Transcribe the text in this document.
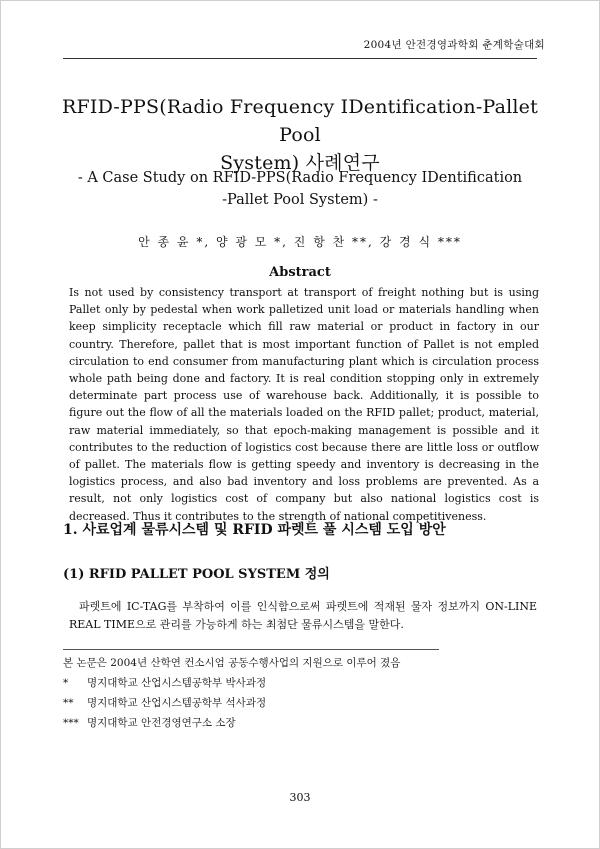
2004년 안전경영과학회 춘계학술대회
RFID-PPS(Radio Frequency IDentification-Pallet Pool
System) 사례연구
- A Case Study on RFID-PPS(Radio Frequency IDentification
-Pallet Pool System) -
안 종 윤 *, 양 광 모 *, 진 항 찬 **, 강 경 식 ***
Abstract
Is not used by consistency transport at transport of freight nothing but is using Pallet only by pedestal when work palletized unit load or materials handling when keep simplicity receptacle which fill raw material or product in factory in our country. Therefore, pallet that is most important function of Pallet is not empled circulation to end consumer from manufacturing plant which is circulation process whole path being done and factory. It is real condition stopping only in extremely determinate part process use of warehouse back. Additionally, it is possible to figure out the flow of all the materials loaded on the RFID pallet; product, material, raw material immediately, so that epoch-making management is possible and it contributes to the reduction of logistics cost because there are little loss or outflow of pallet. The materials flow is getting speedy and inventory is decreasing in the logistics process, and also bad inventory and loss problems are prevented. As a result, not only logistics cost of company but also national logistics cost is decreased. Thus it contributes to the strength of national competitiveness.
1. 사료업계 물류시스템 및 RFID 파렛트 풀 시스템 도입 방안
(1) RFID PALLET POOL SYSTEM 정의
파렛트에 IC-TAG를 부착하여 이를 인식함으로써 파렛트에 적재된 물자 정보까지 ON-LINE REAL TIME으로 관리를 가능하게 하는 최첨단 물류시스템을 말한다.
본 논문은 2004년 산학연 컨소시엄 공동수행사업의 지원으로 이루어 졌음
* 명지대학교 산업시스템공학부 박사과정
** 명지대학교 산업시스템공학부 석사과정
*** 명지대학교 안전경영연구소 소장
303
